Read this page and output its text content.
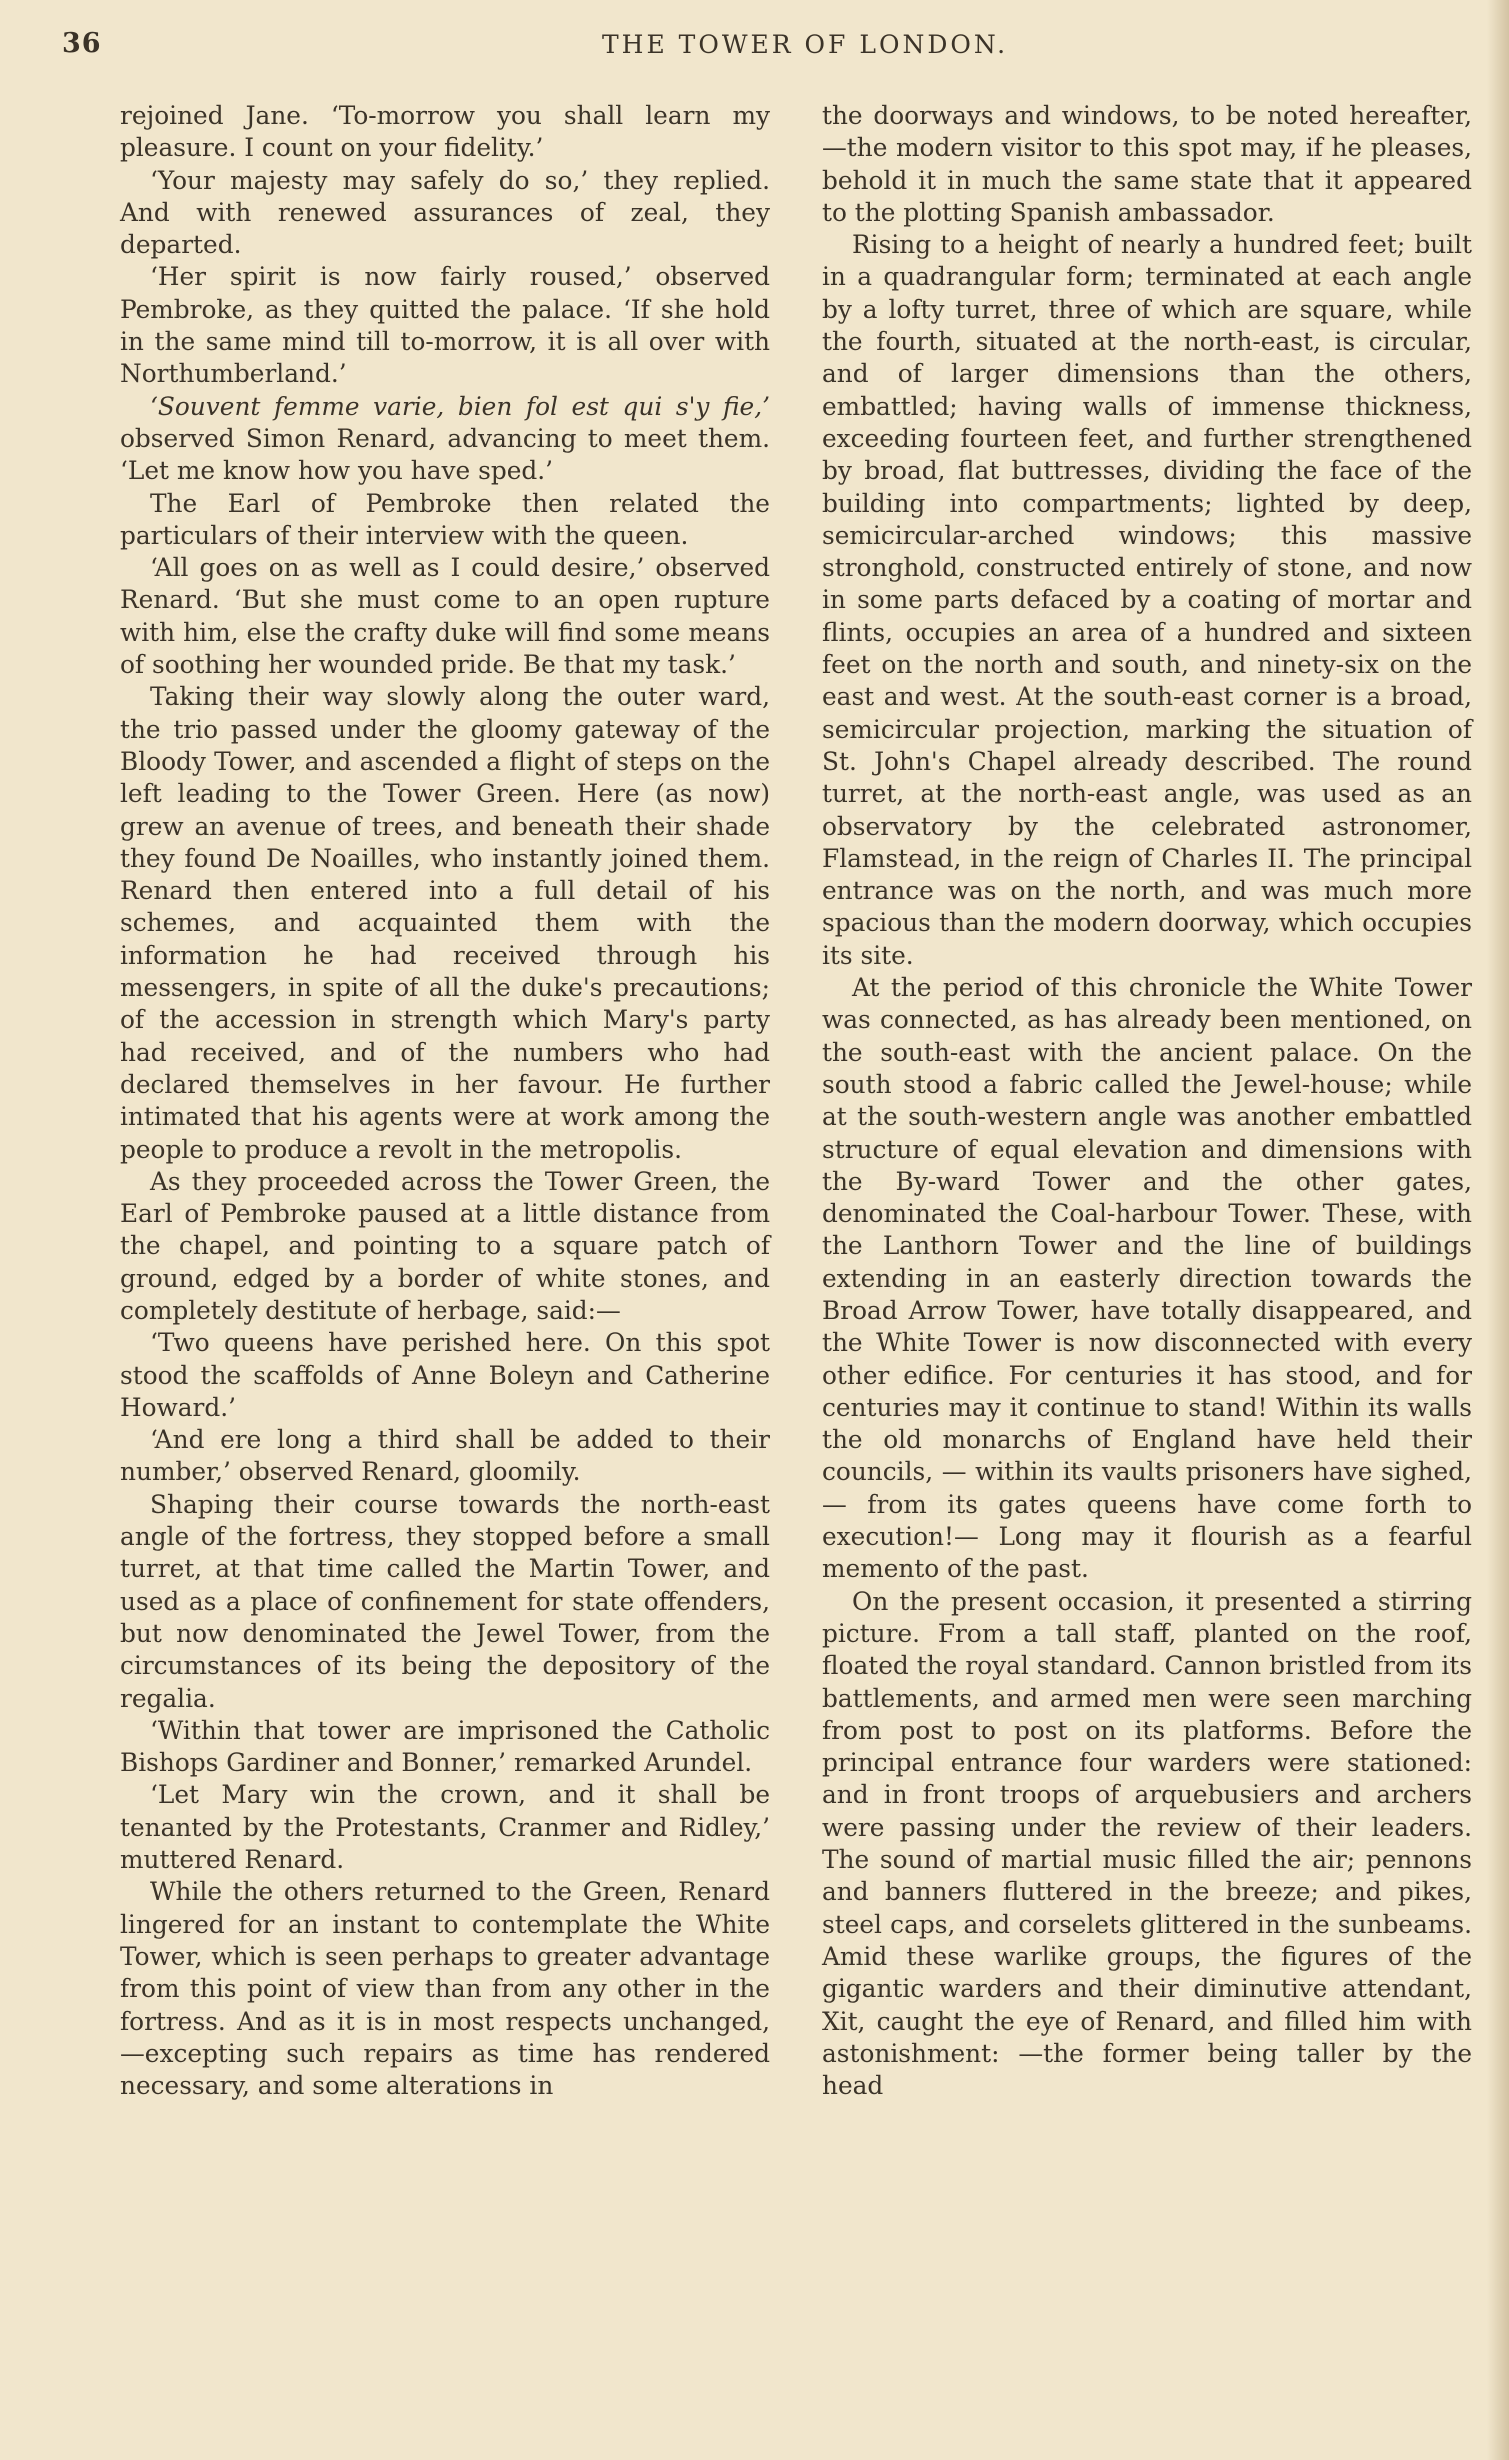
36	THE TOWER OF LONDON.

rejoined Jane. ‘To-morrow you shall learn my pleasure. I count on your fidelity.’

‘Your majesty may safely do so,’ they replied. And with renewed assurances of zeal, they departed.

‘Her spirit is now fairly roused,’ observed Pembroke, as they quitted the palace. ‘If she hold in the same mind till to-morrow, it is all over with Northumberland.’

‘Souvent femme varie, bien fol est qui s'y fie,’ observed Simon Renard, advancing to meet them. ‘Let me know how you have sped.’

The Earl of Pembroke then related the particulars of their interview with the queen.

‘All goes on as well as I could desire,’ observed Renard. ‘But she must come to an open rupture with him, else the crafty duke will find some means of soothing her wounded pride. Be that my task.’

Taking their way slowly along the outer ward, the trio passed under the gloomy gateway of the Bloody Tower, and ascended a flight of steps on the left leading to the Tower Green. Here (as now) grew an avenue of trees, and beneath their shade they found De Noailles, who instantly joined them. Renard then entered into a full detail of his schemes, and acquainted them with the information he had received through his messengers, in spite of all the duke's precautions; of the accession in strength which Mary's party had received, and of the numbers who had declared themselves in her favour. He further intimated that his agents were at work among the people to produce a revolt in the metropolis.

As they proceeded across the Tower Green, the Earl of Pembroke paused at a little distance from the chapel, and pointing to a square patch of ground, edged by a border of white stones, and completely destitute of herbage, said:—

‘Two queens have perished here. On this spot stood the scaffolds of Anne Boleyn and Catherine Howard.’

‘And ere long a third shall be added to their number,’ observed Renard, gloomily.

Shaping their course towards the north-east angle of the fortress, they stopped before a small turret, at that time called the Martin Tower, and used as a place of confinement for state offenders, but now denominated the Jewel Tower, from the circumstances of its being the depository of the regalia.

‘Within that tower are imprisoned the Catholic Bishops Gardiner and Bonner,’ remarked Arundel.

‘Let Mary win the crown, and it shall be tenanted by the Protestants, Cranmer and Ridley,’ muttered Renard.

While the others returned to the Green, Renard lingered for an instant to contemplate the White Tower, which is seen perhaps to greater advantage from this point of view than from any other in the fortress. And as it is in most respects unchanged, —excepting such repairs as time has rendered necessary, and some alterations in

the doorways and windows, to be noted hereafter,—the modern visitor to this spot may, if he pleases, behold it in much the same state that it appeared to the plotting Spanish ambassador.

Rising to a height of nearly a hundred feet; built in a quadrangular form; terminated at each angle by a lofty turret, three of which are square, while the fourth, situated at the north-east, is circular, and of larger dimensions than the others, embattled; having walls of immense thickness, exceeding fourteen feet, and further strengthened by broad, flat buttresses, dividing the face of the building into compartments; lighted by deep, semicircular-arched windows; this massive stronghold, constructed entirely of stone, and now in some parts defaced by a coating of mortar and flints, occupies an area of a hundred and sixteen feet on the north and south, and ninety-six on the east and west. At the south-east corner is a broad, semicircular projection, marking the situation of St. John's Chapel already described. The round turret, at the north-east angle, was used as an observatory by the celebrated astronomer, Flamstead, in the reign of Charles II. The principal entrance was on the north, and was much more spacious than the modern doorway, which occupies its site.

At the period of this chronicle the White Tower was connected, as has already been mentioned, on the south-east with the ancient palace. On the south stood a fabric called the Jewel-house; while at the south-western angle was another embattled structure of equal elevation and dimensions with the By-ward Tower and the other gates, denominated the Coal-harbour Tower. These, with the Lanthorn Tower and the line of buildings extending in an easterly direction towards the Broad Arrow Tower, have totally disappeared, and the White Tower is now disconnected with every other edifice. For centuries it has stood, and for centuries may it continue to stand! Within its walls the old monarchs of England have held their councils, — within its vaults prisoners have sighed, — from its gates queens have come forth to execution!— Long may it flourish as a fearful memento of the past.

On the present occasion, it presented a stirring picture. From a tall staff, planted on the roof, floated the royal standard. Cannon bristled from its battlements, and armed men were seen marching from post to post on its platforms. Before the principal entrance four warders were stationed: and in front troops of arquebusiers and archers were passing under the review of their leaders. The sound of martial music filled the air; pennons and banners fluttered in the breeze; and pikes, steel caps, and corselets glittered in the sunbeams. Amid these warlike groups, the figures of the gigantic warders and their diminutive attendant, Xit, caught the eye of Renard, and filled him with astonishment: —the former being taller by the head
